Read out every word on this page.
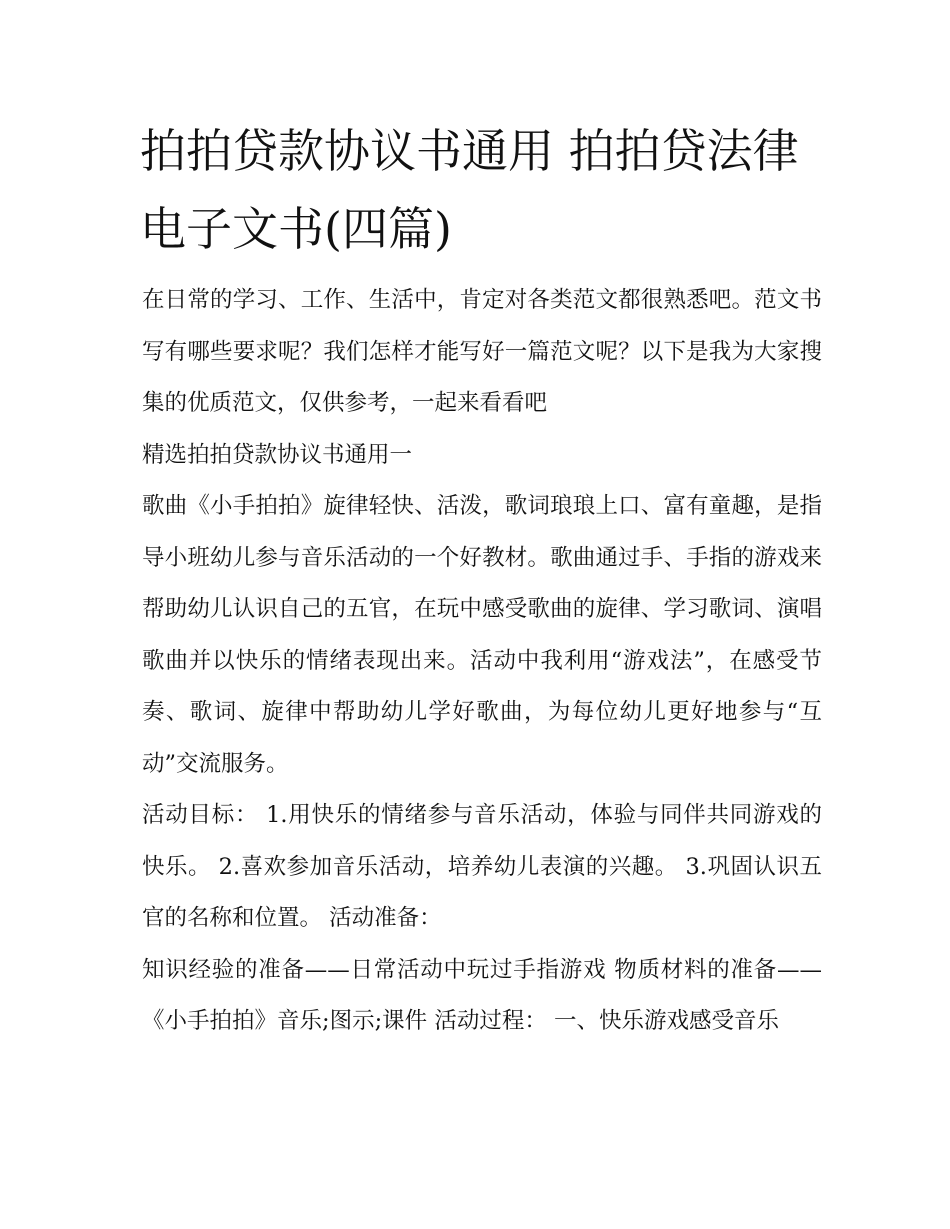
拍拍贷款协议书通用 拍拍贷法律电子文书(四篇)

在日常的学习、工作、生活中，肯定对各类范文都很熟悉吧。范文书写有哪些要求呢？我们怎样才能写好一篇范文呢？以下是我为大家搜集的优质范文，仅供参考，一起来看看吧

精选拍拍贷款协议书通用一

歌曲《小手拍拍》旋律轻快、活泼，歌词琅琅上口、富有童趣，是指导小班幼儿参与音乐活动的一个好教材。歌曲通过手、手指的游戏来帮助幼儿认识自己的五官，在玩中感受歌曲的旋律、学习歌词、演唱歌曲并以快乐的情绪表现出来。活动中我利用“游戏法”，在感受节奏、歌词、旋律中帮助幼儿学好歌曲，为每位幼儿更好地参与“互动”交流服务。

活动目标： 1.用快乐的情绪参与音乐活动，体验与同伴共同游戏的快乐。 2.喜欢参加音乐活动，培养幼儿表演的兴趣。 3.巩固认识五官的名称和位置。 活动准备：

知识经验的准备——日常活动中玩过手指游戏 物质材料的准备——《小手拍拍》音乐;图示;课件 活动过程： 一、快乐游戏感受音乐
